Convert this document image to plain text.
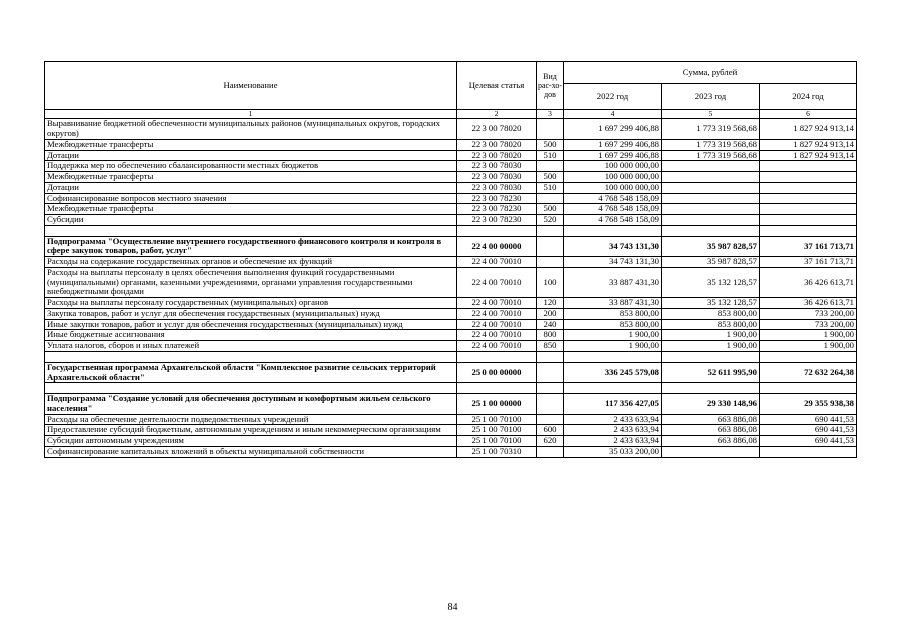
Наименование	Целевая статья	Вид рас-хо-дов	Сумма, рублей		
			2022 год	2023 год	2024 год
1	2	3	4	5	6
Выравнивание бюджетной обеспеченности муниципальных районов (муниципальных округов, городских округов)	22 3 00 78020		1 697 299 406,88	1 773 319 568,68	1 827 924 913,14
Межбюджетные трансферты	22 3 00 78020	500	1 697 299 406,88	1 773 319 568,68	1 827 924 913,14
Дотации	22 3 00 78020	510	1 697 299 406,88	1 773 319 568,68	1 827 924 913,14
Поддержка мер по обеспечению сбалансированности местных бюджетов	22 3 00 78030		100 000 000,00		
Межбюджетные трансферты	22 3 00 78030	500	100 000 000,00		
Дотации	22 3 00 78030	510	100 000 000,00		
Софинансирование вопросов местного значения	22 3 00 78230		4 768 548 158,09		
Межбюджетные трансферты	22 3 00 78230	500	4 768 548 158,09		
Субсидии	22 3 00 78230	520	4 768 548 158,09		

Подпрограмма "Осуществление внутреннего государственного финансового контроля и контроля в сфере закупок товаров, работ, услуг"	22 4 00 00000		34 743 131,30	35 987 828,57	37 161 713,71
Расходы на содержание государственных органов и обеспечение их функций	22 4 00 70010		34 743 131,30	35 987 828,57	37 161 713,71
Расходы на выплаты персоналу в целях обеспечения выполнения функций государственными (муниципальными) органами, казенными учреждениями, органами управления государственными внебюджетными фондами	22 4 00 70010	100	33 887 431,30	35 132 128,57	36 426 613,71
Расходы на выплаты персоналу государственных (муниципальных) органов	22 4 00 70010	120	33 887 431,30	35 132 128,57	36 426 613,71
Закупка товаров, работ и услуг для обеспечения государственных (муниципальных) нужд	22 4 00 70010	200	853 800,00	853 800,00	733 200,00
Иные закупки товаров, работ и услуг для обеспечения государственных (муниципальных) нужд	22 4 00 70010	240	853 800,00	853 800,00	733 200,00
Иные бюджетные ассигнования	22 4 00 70010	800	1 900,00	1 900,00	1 900,00
Уплата налогов, сборов и иных платежей	22 4 00 70010	850	1 900,00	1 900,00	1 900,00

Государственная программа Архангельской области "Комплексное развитие сельских территорий Архангельской области"	25 0 00 00000		336 245 579,08	52 611 995,90	72 632 264,38

Подпрограмма "Создание условий для обеспечения доступным и комфортным жильем сельского населения"	25 1 00 00000		117 356 427,05	29 330 148,96	29 355 938,38
Расходы на обеспечение деятельности подведомственных учреждений	25 1 00 70100		2 433 633,94	663 886,08	690 441,53
Предоставление субсидий бюджетным, автономным учреждениям и иным некоммерческим организациям	25 1 00 70100	600	2 433 633,94	663 886,08	690 441,53
Субсидии автономным учреждениям	25 1 00 70100	620	2 433 633,94	663 886,08	690 441,53
Софинансирование капитальных вложений в объекты муниципальной собственности	25 1 00 70310		35 033 200,00		
84
